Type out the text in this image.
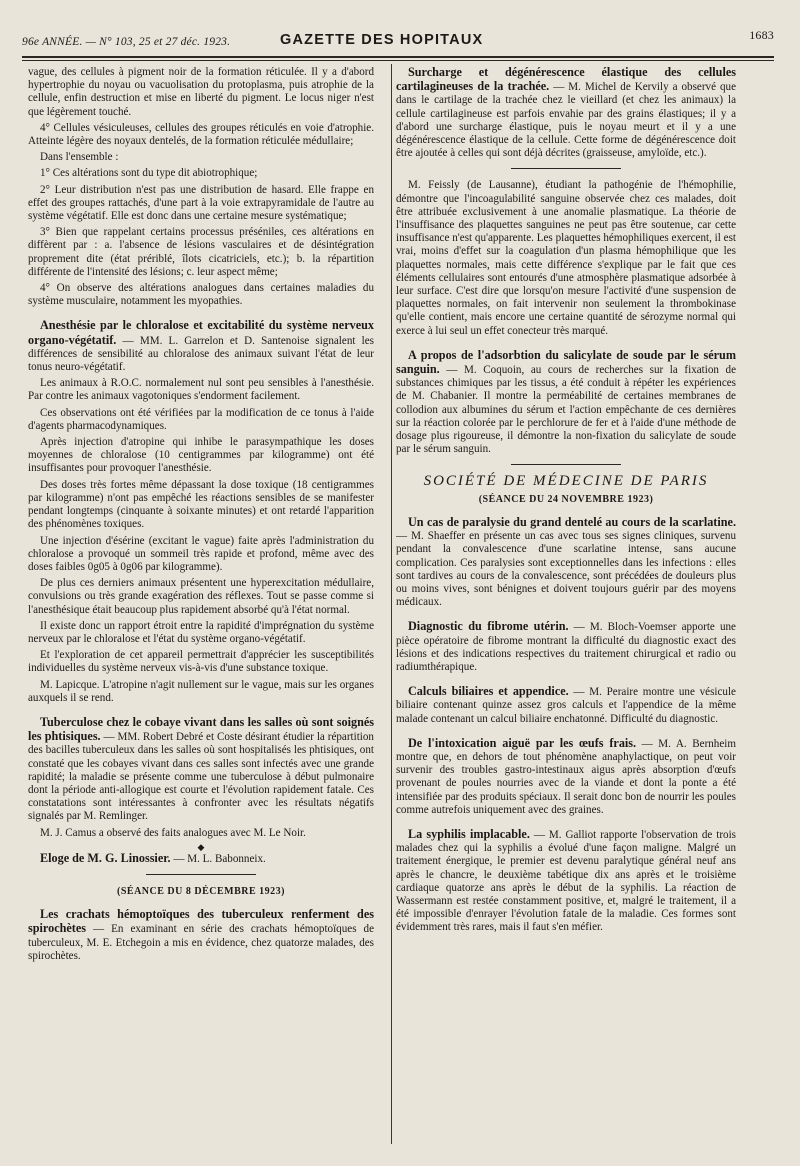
96e ANNÉE. — N° 103, 25 et 27 déc. 1923.	GAZETTE DES HOPITAUX	1683

vague, des cellules à pigment noir de la formation réticulée. Il y a d'abord hypertrophie du noyau ou vacuolisation du protoplasma, puis atrophie de la cellule, enfin destruction et mise en liberté du pigment. Le locus niger n'est que légèrement touché.

4° Cellules vésiculeuses, cellules des groupes réticulés en voie d'atrophie. Atteinte légère des noyaux dentelés, de la formation réticulée médullaire;

Dans l'ensemble :

1° Ces altérations sont du type dit abiotrophique;

2° Leur distribution n'est pas une distribution de hasard. Elle frappe en effet des groupes rattachés, d'une part à la voie extrapyramidale de l'autre au système végétatif. Elle est donc dans une certaine mesure systématique;

3° Bien que rappelant certains processus préséniles, ces altérations en diffèrent par : a. l'absence de lésions vasculaires et de désintégration proprement dite (état prériblé, îlots cicatriciels, etc.); b. la répartition différente de l'intensité des lésions; c. leur aspect même;

4° On observe des altérations analogues dans certaines maladies du système musculaire, notamment les myopathies.

Anesthésie par le chloralose et excitabilité du système nerveux organo-végétatif. — MM. L. Garrelon et D. Santenoise signalent les différences de sensibilité au chloralose des animaux suivant l'état de leur tonus neuro-végétatif.

Les animaux à R.O.C. normalement nul sont peu sensibles à l'anesthésie. Par contre les animaux vagotoniques s'endorment facilement.

Ces observations ont été vérifiées par la modification de ce tonus à l'aide d'agents pharmacodynamiques.

Après injection d'atropine qui inhibe le parasympathique les doses moyennes de chloralose (10 centigrammes par kilogramme) ont été insuffisantes pour provoquer l'anesthésie.

Des doses très fortes même dépassant la dose toxique (18 centigrammes par kilogramme) n'ont pas empêché les réactions sensibles de se manifester pendant longtemps (cinquante à soixante minutes) et ont retardé l'apparition des phénomènes toxiques.

Une injection d'ésérine (excitant le vague) faite après l'administration du chloralose a provoqué un sommeil très rapide et profond, même avec des doses faibles 0g05 à 0g06 par kilogramme).

De plus ces derniers animaux présentent une hyperexcitation médullaire, convulsions ou très grande exagération des réflexes. Tout se passe comme si l'anesthésique était beaucoup plus rapidement absorbé qu'à l'état normal.

Il existe donc un rapport étroit entre la rapidité d'imprégnation du système nerveux par le chloralose et l'état du système organo-végétatif.

Et l'exploration de cet appareil permettrait d'apprécier les susceptibilités individuelles du système nerveux vis-à-vis d'une substance toxique.

M. Lapicque. L'atropine n'agit nullement sur le vague, mais sur les organes auxquels il se rend.

Tuberculose chez le cobaye vivant dans les salles où sont soignés les phtisiques. — MM. Robert Debré et Coste désirant étudier la répartition des bacilles tuberculeux dans les salles où sont hospitalisés les phtisiques, ont constaté que les cobayes vivant dans ces salles sont infectés avec une grande rapidité; la maladie se présente comme une tuberculose à début pulmonaire dont la période anti-allogique est courte et l'évolution rapidement fatale. Ces constatations sont intéressantes à confronter avec les résultats négatifs signalés par M. Remlinger.

M. J. Camus a observé des faits analogues avec M. Le Noir.

◆

Eloge de M. G. Linossier. — M. L. Babonneix.

(SÉANCE DU 8 DÉCEMBRE 1923)

Les crachats hémoptoïques des tuberculeux renferment des spirochètes — En examinant en série des crachats hémoptoïques de tuberculeux, M. E. Etchegoin a mis en évidence, chez quatorze malades, des spirochètes.

Surcharge et dégénérescence élastique des cellules cartilagineuses de la trachée. — M. Michel de Kervily a observé que dans le cartilage de la trachée chez le vieillard (et chez les animaux) la cellule cartilagineuse est parfois envahie par des grains élastiques; il y a d'abord une surcharge élastique, puis le noyau meurt et il y a une dégénérescence élastique de la cellule. Cette forme de dégénérescence doit être ajoutée à celles qui sont déjà décrites (graisseuse, amyloïde, etc.).

M. Feissly (de Lausanne), étudiant la pathogénie de l'hémophilie, démontre que l'incoagulabilité sanguine observée chez ces malades, doit être attribuée exclusivement à une anomalie plasmatique. La théorie de l'insuffisance des plaquettes sanguines ne peut pas être soutenue, car cette insuffisance n'est qu'apparente. Les plaquettes hémophiliques exercent, il est vrai, moins d'effet sur la coagulation d'un plasma hémophilique que les plaquettes normales, mais cette différence s'explique par le fait que ces éléments cellulaires sont entourés d'une atmosphère plasmatique adsorbée à leur surface. C'est dire que lorsqu'on mesure l'activité d'une suspension de plaquettes normales, on fait intervenir non seulement la thrombokinase qu'elle contient, mais encore une certaine quantité de sérozyme normal qui exerce à lui seul un effet conecteur très marqué.

A propos de l'adsorbtion du salicylate de soude par le sérum sanguin. — M. Coquoin, au cours de recherches sur la fixation de substances chimiques par les tissus, a été conduit à répéter les expériences de M. Chabanier. Il montre la perméabilité de certaines membranes de collodion aux albumines du sérum et l'action empêchante de ces dernières sur la réaction colorée par le perchlorure de fer et à l'aide d'une méthode de dosage plus rigoureuse, il démontre la non-fixation du salicylate de soude par le sérum sanguin.

SOCIÉTÉ DE MÉDECINE DE PARIS
(SÉANCE DU 24 NOVEMBRE 1923)

Un cas de paralysie du grand dentelé au cours de la scarlatine. — M. Shaeffer en présente un cas avec tous ses signes cliniques, survenu pendant la convalescence d'une scarlatine intense, sans aucune complication. Ces paralysies sont exceptionnelles dans les infections : elles sont tardives au cours de la convalescence, sont précédées de douleurs plus ou moins vives, sont bénignes et doivent toujours guérir par des moyens médicaux.

Diagnostic du fibrome utérin. — M. Bloch-Voemser apporte une pièce opératoire de fibrome montrant la difficulté du diagnostic exact des lésions et des indications respectives du traitement chirurgical et radio ou radiumthérapique.

Calculs biliaires et appendice. — M. Peraire montre une vésicule biliaire contenant quinze assez gros calculs et l'appendice de la même malade contenant un calcul biliaire enchatonné. Difficulté du diagnostic.

De l'intoxication aiguë par les œufs frais. — M. A. Bernheim montre que, en dehors de tout phénomène anaphylactique, on peut voir survenir des troubles gastro-intestinaux aigus après absorption d'œufs provenant de poules nourries avec de la viande et dont la ponte a été intensifiée par des produits spéciaux. Il serait donc bon de nourrir les poules comme autrefois uniquement avec des graines.

La syphilis implacable. — M. Galliot rapporte l'observation de trois malades chez qui la syphilis a évolué d'une façon maligne. Malgré un traitement énergique, le premier est devenu paralytique général neuf ans après le chancre, le deuxième tabétique dix ans après et le troisième cardiaque quatorze ans après le début de la syphilis. La réaction de Wassermann est restée constamment positive, et, malgré le traitement, il a été impossible d'enrayer l'évolution fatale de la maladie. Ces formes sont évidemment très rares, mais il faut s'en méfier.
